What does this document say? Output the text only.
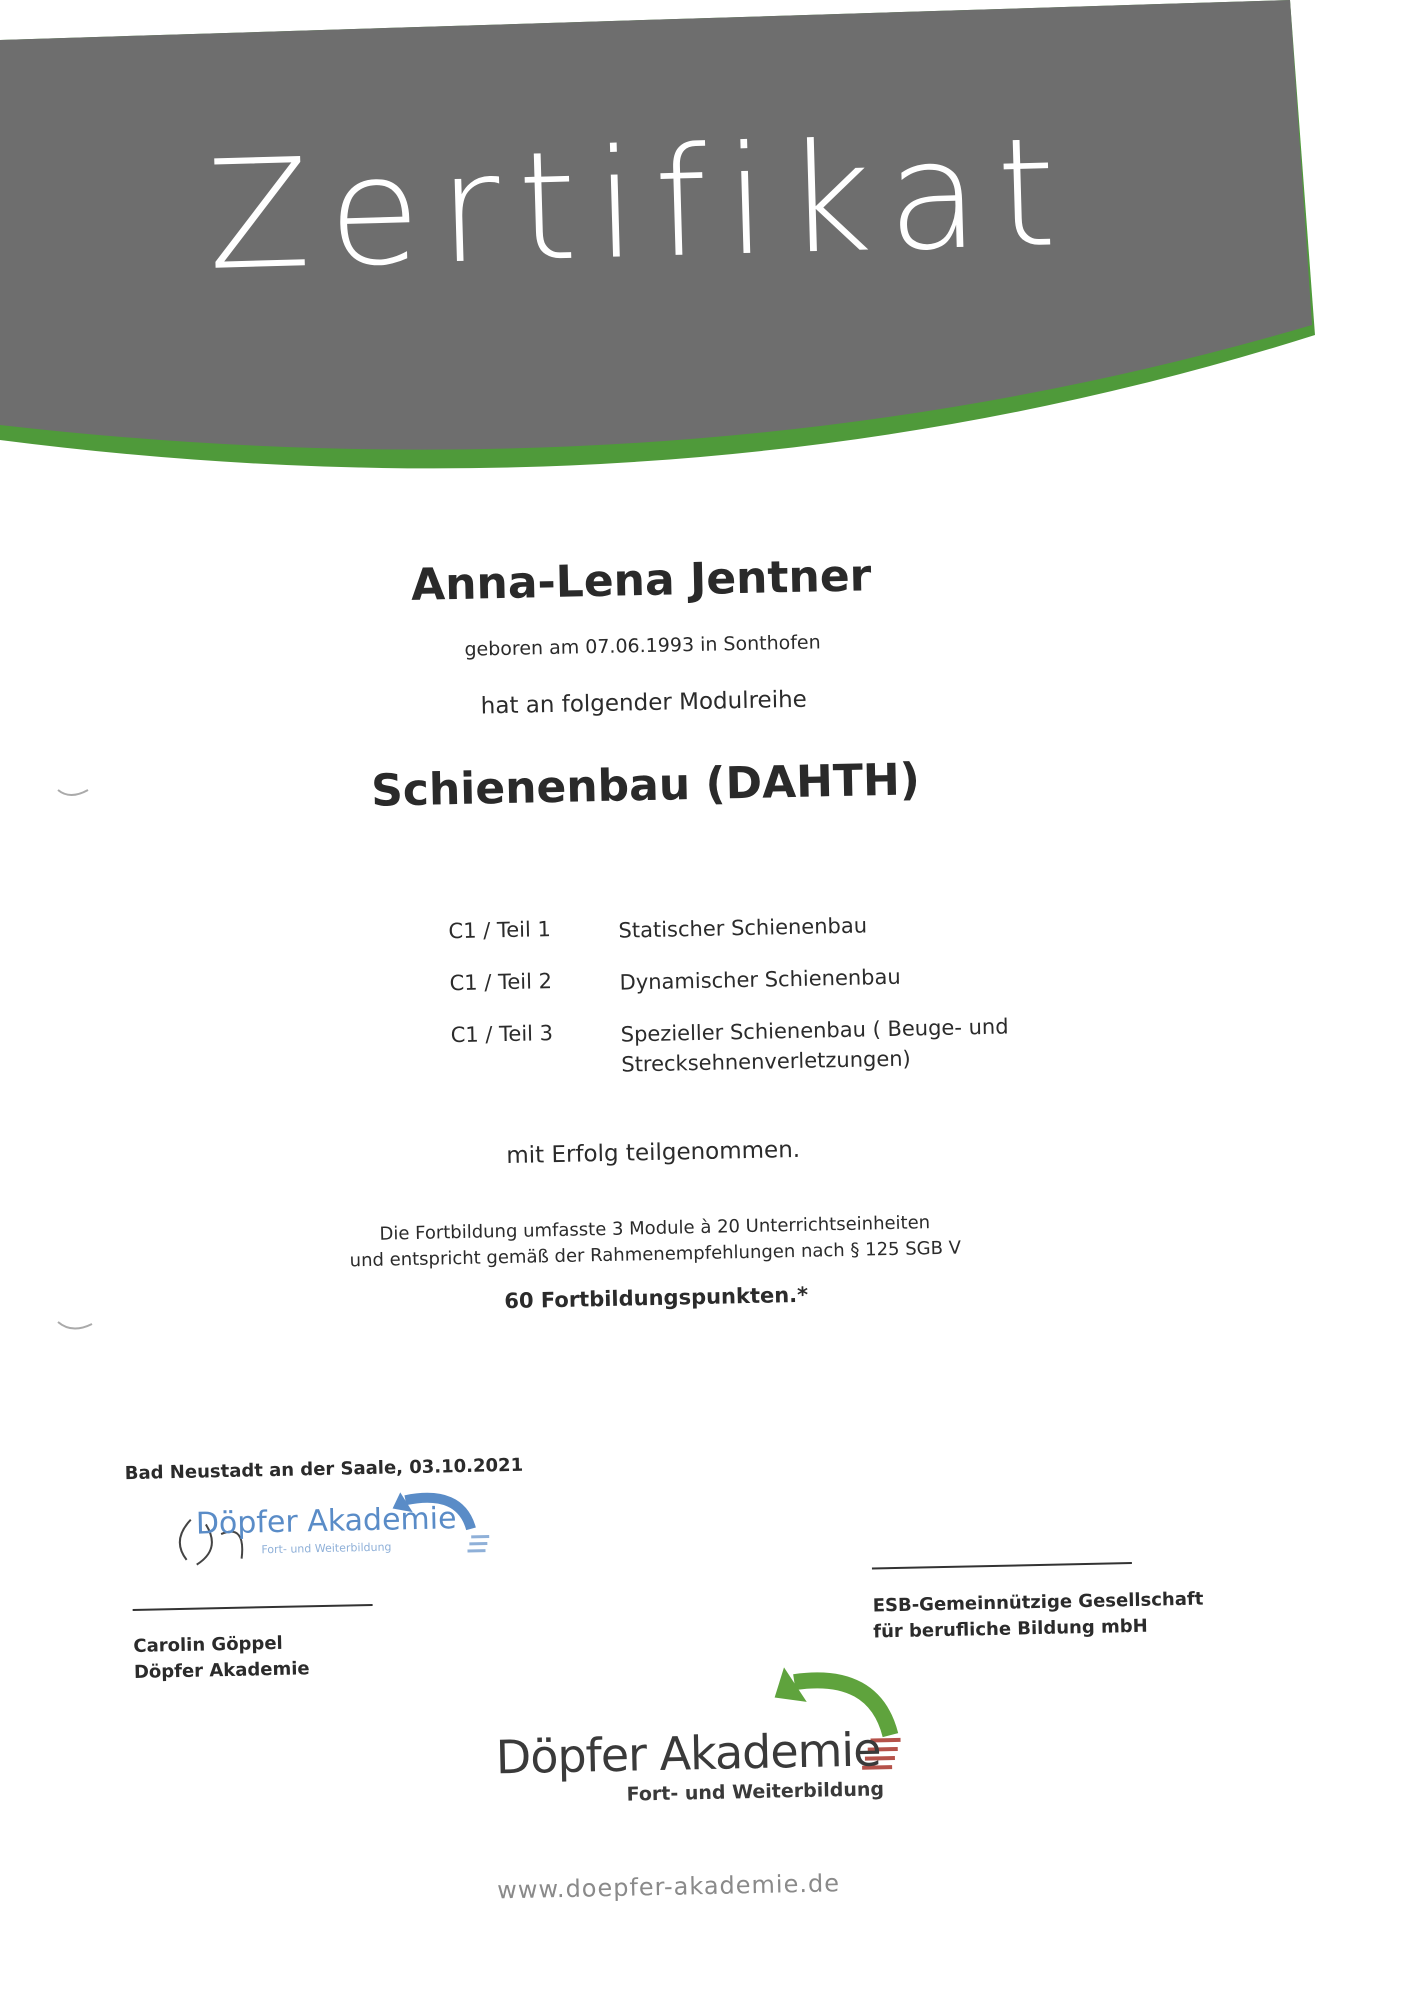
Zertifikat
Anna-Lena Jentner
geboren am 07.06.1993 in Sonthofen
hat an folgender Modulreihe
Schienenbau (DAHTH)
C1 / Teil 1	Statischer Schienenbau
C1 / Teil 2	Dynamischer Schienenbau
C1 / Teil 3	Spezieller Schienenbau ( Beuge- und Strecksehnenverletzungen)
mit Erfolg teilgenommen.
Die Fortbildung umfasste 3 Module à 20 Unterrichtseinheiten
und entspricht gemäß der Rahmenempfehlungen nach § 125 SGB V
60 Fortbildungspunkten.*
Bad Neustadt an der Saale, 03.10.2021
Döpfer Akademie
Fort- und Weiterbildung
Carolin Göppel
Döpfer Akademie
ESB-Gemeinnützige Gesellschaft
für berufliche Bildung mbH
Döpfer Akademie
Fort- und Weiterbildung
www.doepfer-akademie.de
